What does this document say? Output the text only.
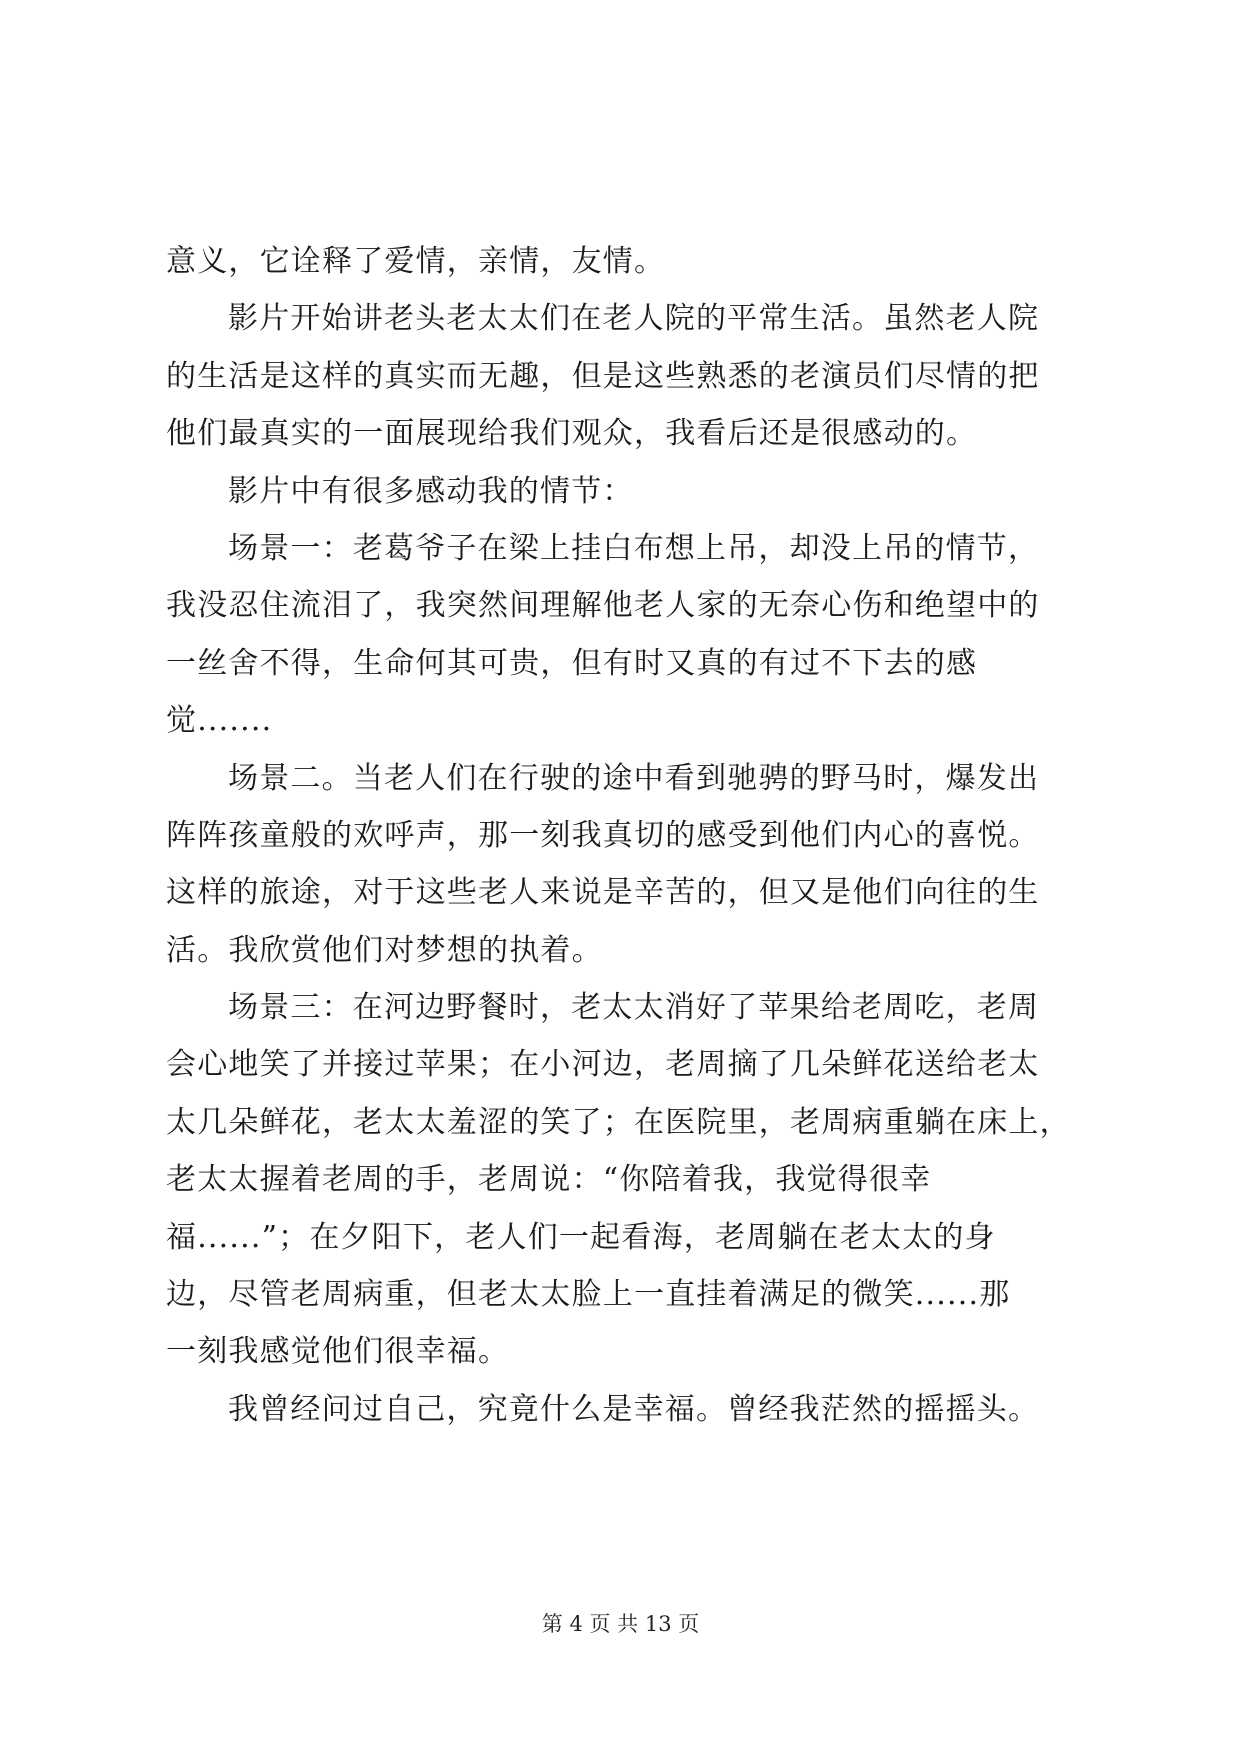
意义，它诠释了爱情，亲情，友情。
影片开始讲老头老太太们在老人院的平常生活。虽然老人院
的生活是这样的真实而无趣，但是这些熟悉的老演员们尽情的把
他们最真实的一面展现给我们观众，我看后还是很感动的。
影片中有很多感动我的情节：
场景一：老葛爷子在梁上挂白布想上吊，却没上吊的情节，
我没忍住流泪了，我突然间理解他老人家的无奈心伤和绝望中的
一丝舍不得，生命何其可贵，但有时又真的有过不下去的感
觉.......
场景二。当老人们在行驶的途中看到驰骋的野马时，爆发出
阵阵孩童般的欢呼声，那一刻我真切的感受到他们内心的喜悦。
这样的旅途，对于这些老人来说是辛苦的，但又是他们向往的生
活。我欣赏他们对梦想的执着。
场景三：在河边野餐时，老太太消好了苹果给老周吃，老周
会心地笑了并接过苹果；在小河边，老周摘了几朵鲜花送给老太
太几朵鲜花，老太太羞涩的笑了；在医院里，老周病重躺在床上，
老太太握着老周的手，老周说：“你陪着我，我觉得很幸
福......”；在夕阳下，老人们一起看海，老周躺在老太太的身
边，尽管老周病重，但老太太脸上一直挂着满足的微笑......那
一刻我感觉他们很幸福。
我曾经问过自己，究竟什么是幸福。曾经我茫然的摇摇头。
第 4 页 共 13 页
